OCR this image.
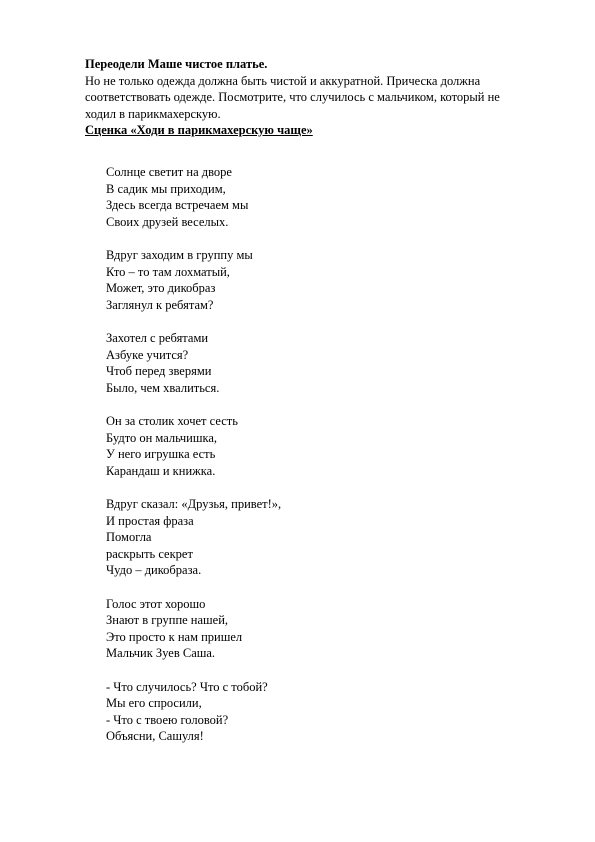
Переодели Маше чистое платье.

Но не только одежда должна быть чистой и аккуратной. Прическа должна

соответствовать одежде. Посмотрите, что случилось с мальчиком, который не

ходил в парикмахерскую.

Сценка «Ходи в парикмахерскую чаще»

Солнце светит на дворе
В садик мы приходим,
Здесь всегда встречаем мы
Своих друзей веселых.
Вдруг заходим в группу мы
Кто – то там лохматый,
Может, это дикобраз
Заглянул к ребятам?
Захотел с ребятами
Азбуке учится?
Чтоб перед зверями
Было, чем хвалиться.
Он за столик хочет сесть
Будто он мальчишка,
У него игрушка есть
Карандаш и книжка.
Вдруг сказал: «Друзья, привет!»,
И простая фраза
Помогла
раскрыть секрет
Чудо – дикобраза.
Голос этот хорошо
Знают в группе нашей,
Это просто к нам пришел
Мальчик Зуев Саша.
- Что случилось? Что с тобой?
Мы его спросили,
- Что с твоею головой?
Объясни, Сашуля!
